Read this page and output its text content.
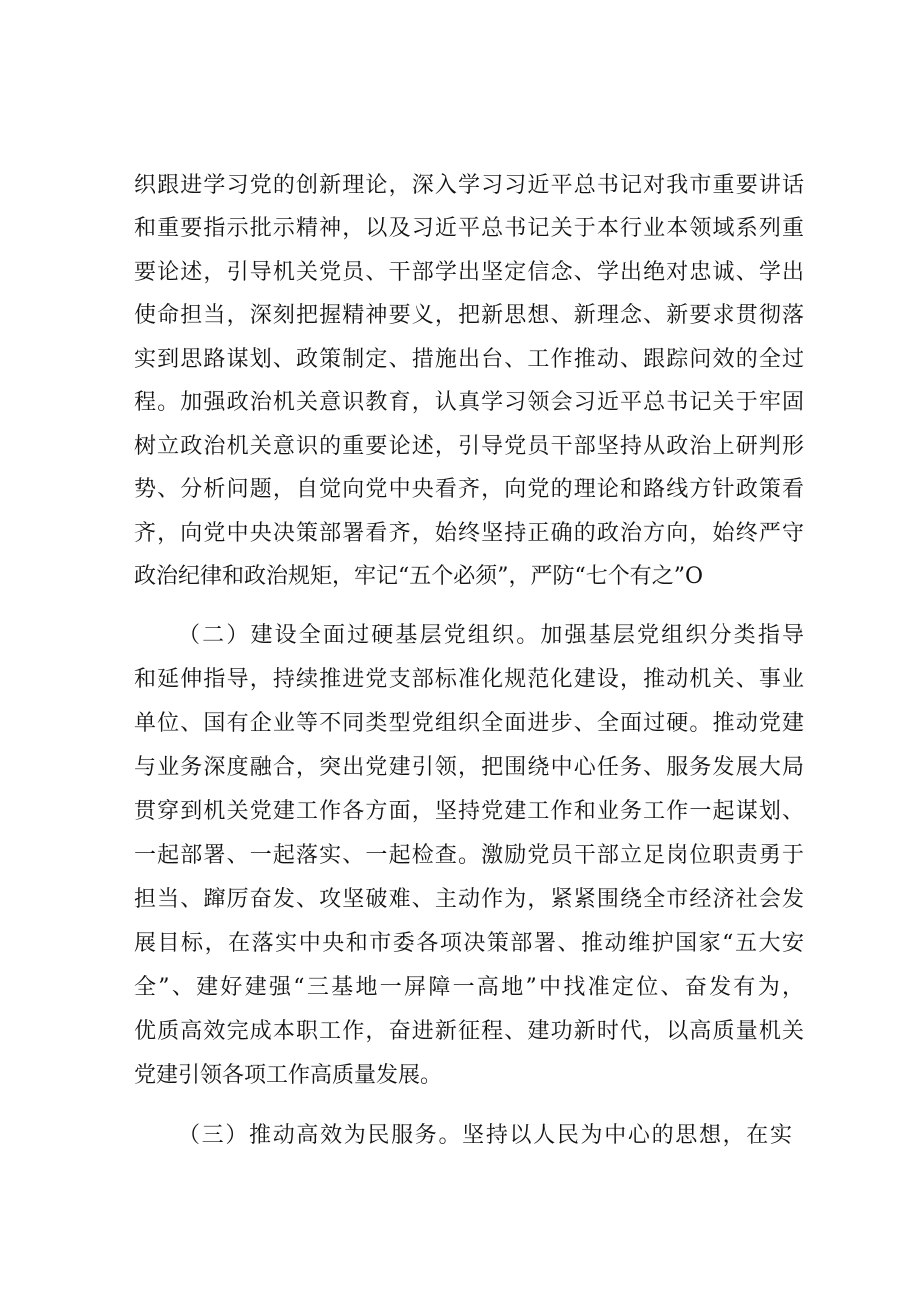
织跟进学习党的创新理论，深入学习习近平总书记对我市重要讲话

和重要指示批示精神，以及习近平总书记关于本行业本领域系列重

要论述，引导机关党员、干部学出坚定信念、学出绝对忠诚、学出

使命担当，深刻把握精神要义，把新思想、新理念、新要求贯彻落

实到思路谋划、政策制定、措施出台、工作推动、跟踪问效的全过

程。加强政治机关意识教育，认真学习领会习近平总书记关于牢固

树立政治机关意识的重要论述，引导党员干部坚持从政治上研判形

势、分析问题，自觉向党中央看齐，向党的理论和路线方针政策看

齐，向党中央决策部署看齐，始终坚持正确的政治方向，始终严守

政治纪律和政治规矩，牢记“五个必须”，严防“七个有之”O

（二）建设全面过硬基层党组织。加强基层党组织分类指导

和延伸指导，持续推进党支部标准化规范化建设，推动机关、事业

单位、国有企业等不同类型党组织全面进步、全面过硬。推动党建

与业务深度融合，突出党建引领，把围绕中心任务、服务发展大局

贯穿到机关党建工作各方面，坚持党建工作和业务工作一起谋划、

一起部署、一起落实、一起检查。激励党员干部立足岗位职责勇于

担当、蹿厉奋发、攻坚破难、主动作为，紧紧围绕全市经济社会发

展目标，在落实中央和市委各项决策部署、推动维护国家“五大安

全”、建好建强“三基地一屏障一高地”中找准定位、奋发有为，

优质高效完成本职工作，奋进新征程、建功新时代，以高质量机关

党建引领各项工作高质量发展。

（三）推动高效为民服务。坚持以人民为中心的思想，在实
